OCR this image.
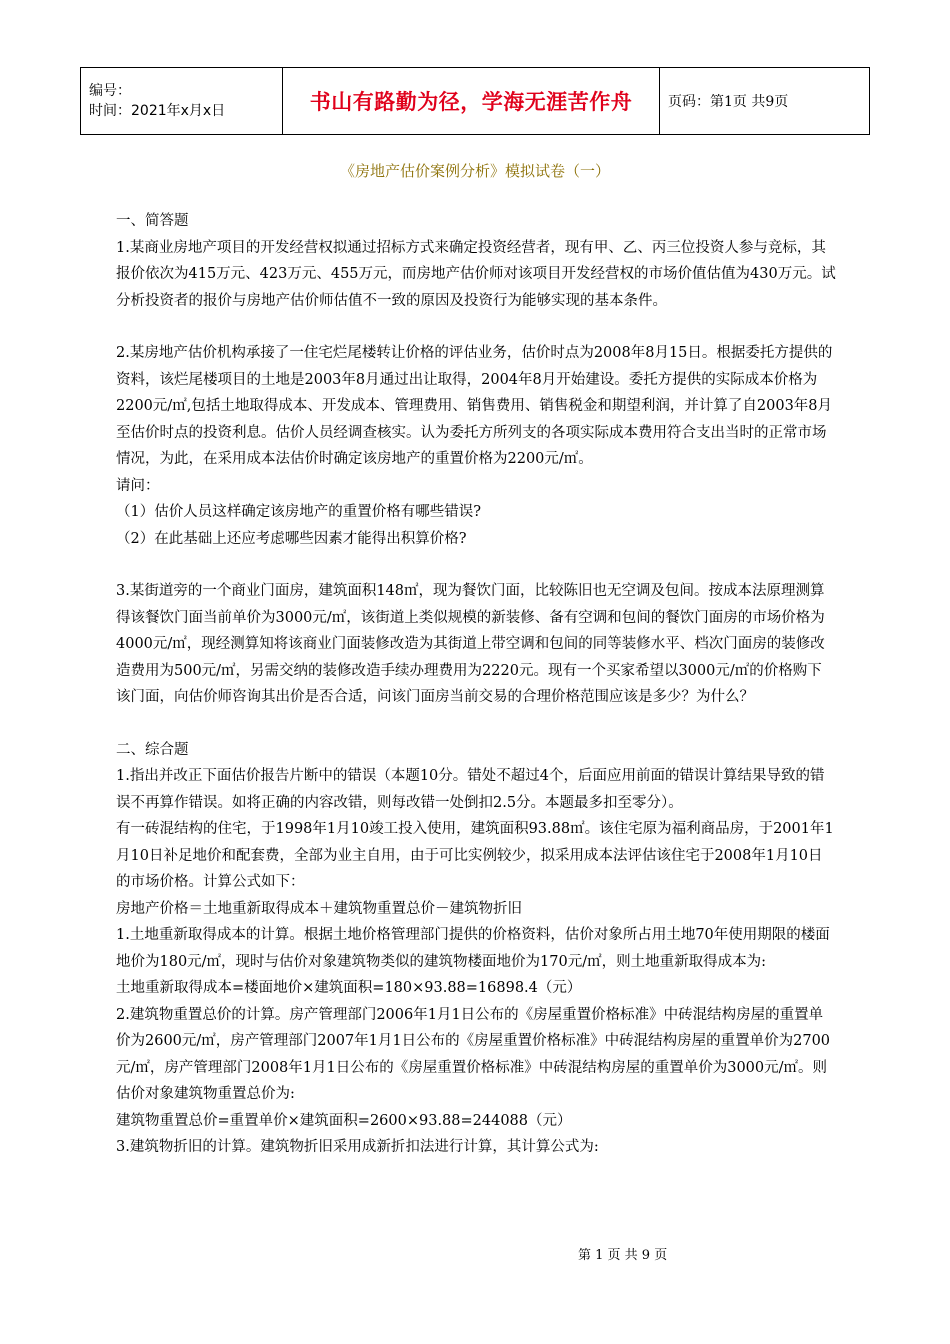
编号：
时间：2021年x月x日	书山有路勤为径，学海无涯苦作舟	页码：第1页 共9页
《房地产估价案例分析》模拟试卷（一）

一、简答题

1.某商业房地产项目的开发经营权拟通过招标方式来确定投资经营者，现有甲、乙、丙三位投资人参与竞标，其报价依次为415万元、423万元、455万元，而房地产估价师对该项目开发经营权的市场价值估值为430万元。试分析投资者的报价与房地产估价师估值不一致的原因及投资行为能够实现的基本条件。

2.某房地产估价机构承接了一住宅烂尾楼转让价格的评估业务，估价时点为2008年8月15日。根据委托方提供的资料，该烂尾楼项目的土地是2003年8月通过出让取得，2004年8月开始建设。委托方提供的实际成本价格为2200元/㎡,包括土地取得成本、开发成本、管理费用、销售费用、销售税金和期望利润，并计算了自2003年8月至估价时点的投资利息。估价人员经调查核实。认为委托方所列支的各项实际成本费用符合支出当时的正常市场情况，为此，在采用成本法估价时确定该房地产的重置价格为2200元/㎡。

请问：

（1）估价人员这样确定该房地产的重置价格有哪些错误?

（2）在此基础上还应考虑哪些因素才能得出积算价格?

3.某街道旁的一个商业门面房，建筑面积148㎡，现为餐饮门面，比较陈旧也无空调及包间。按成本法原理测算得该餐饮门面当前单价为3000元/㎡，该街道上类似规模的新装修、备有空调和包间的餐饮门面房的市场价格为4000元/㎡，现经测算知将该商业门面装修改造为其街道上带空调和包间的同等装修水平、档次门面房的装修改造费用为500元/㎡，另需交纳的装修改造手续办理费用为2220元。现有一个买家希望以3000元/㎡的价格购下该门面，向估价师咨询其出价是否合适，问该门面房当前交易的合理价格范围应该是多少？为什么？

二、综合题

1.指出并改正下面估价报告片断中的错误（本题10分。错处不超过4个，后面应用前面的错误计算结果导致的错误不再算作错误。如将正确的内容改错，则每改错一处倒扣2.5分。本题最多扣至零分）。

有一砖混结构的住宅，于1998年1月10竣工投入使用，建筑面积93.88㎡。该住宅原为福利商品房，于2001年1月10日补足地价和配套费，全部为业主自用，由于可比实例较少，拟采用成本法评估该住宅于2008年1月10日的市场价格。计算公式如下：

房地产价格＝土地重新取得成本＋建筑物重置总价－建筑物折旧

1.土地重新取得成本的计算。根据土地价格管理部门提供的价格资料，估价对象所占用土地70年使用期限的楼面地价为180元/㎡，现时与估价对象建筑物类似的建筑物楼面地价为170元/㎡，则土地重新取得成本为:

土地重新取得成本=楼面地价×建筑面积=180×93.88=16898.4（元）

2.建筑物重置总价的计算。房产管理部门2006年1月1日公布的《房屋重置价格标准》中砖混结构房屋的重置单价为2600元/㎡，房产管理部门2007年1月1日公布的《房屋重置价格标准》中砖混结构房屋的重置单价为2700元/㎡，房产管理部门2008年1月1日公布的《房屋重置价格标准》中砖混结构房屋的重置单价为3000元/㎡。则估价对象建筑物重置总价为:

建筑物重置总价=重置单价×建筑面积=2600×93.88=244088（元）

3.建筑物折旧的计算。建筑物折旧采用成新折扣法进行计算，其计算公式为:

第 1 页 共 9 页
